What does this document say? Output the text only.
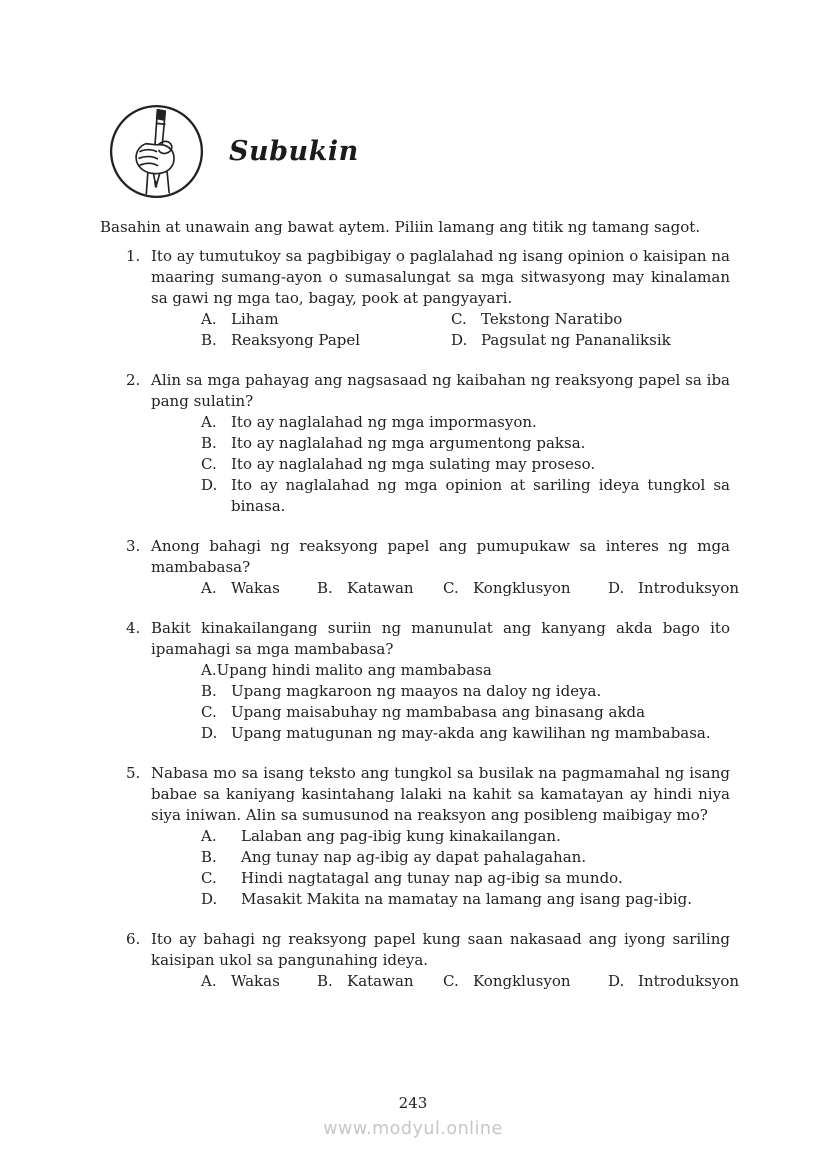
Subukin
Basahin at unawain ang bawat aytem. Piliin lamang ang titik ng tamang sagot.
1. Ito ay tumutukoy sa pagbibigay o paglalahad ng isang opinion o kaisipan na maaring sumang-ayon o sumasalungat sa mga sitwasyong may kinalaman sa gawi ng mga tao, bagay, pook at pangyayari.
A. Liham	C. Tekstong Naratibo
B. Reaksyong Papel	D. Pagsulat ng Pananaliksik
2. Alin sa mga pahayag ang nagsasaad ng kaibahan ng reaksyong papel sa iba pang sulatin?
A. Ito ay naglalahad ng mga impormasyon.
B. Ito ay naglalahad ng mga argumentong paksa.
C. Ito ay naglalahad ng mga sulating may proseso.
D. Ito ay naglalahad ng mga opinion at sariling ideya tungkol sa binasa.
3. Anong bahagi ng reaksyong papel ang pumupukaw sa interes ng mga mambabasa?
A. Wakas B. Katawan C. Kongklusyon D. Introduksyon
4. Bakit kinakailangang suriin ng manunulat ang kanyang akda bago ito ipamahagi sa mga mambabasa?
A.Upang hindi malito ang mambabasa
B. Upang magkaroon ng maayos na daloy ng ideya.
C. Upang maisabuhay ng mambabasa ang binasang akda
D. Upang matugunan ng may-akda ang kawilihan ng mambabasa.
5. Nabasa mo sa isang teksto ang tungkol sa busilak na pagmamahal ng isang babae sa kaniyang kasintahang lalaki na kahit sa kamatayan ay hindi niya siya iniwan. Alin sa sumusunod na reaksyon ang posibleng maibigay mo?
A.	Lalaban ang pag-ibig kung kinakailangan.
B.	Ang tunay nap ag-ibig ay dapat pahalagahan.
C.	Hindi nagtatagal ang tunay nap ag-ibig sa mundo.
D.	Masakit Makita na mamatay na lamang ang isang pag-ibig.
6. Ito ay bahagi ng reaksyong papel kung saan nakasaad ang iyong sariling kaisipan ukol sa pangunahing ideya.
A. Wakas B. Katawan C. Kongklusyon D. Introduksyon
243
www.modyul.online
